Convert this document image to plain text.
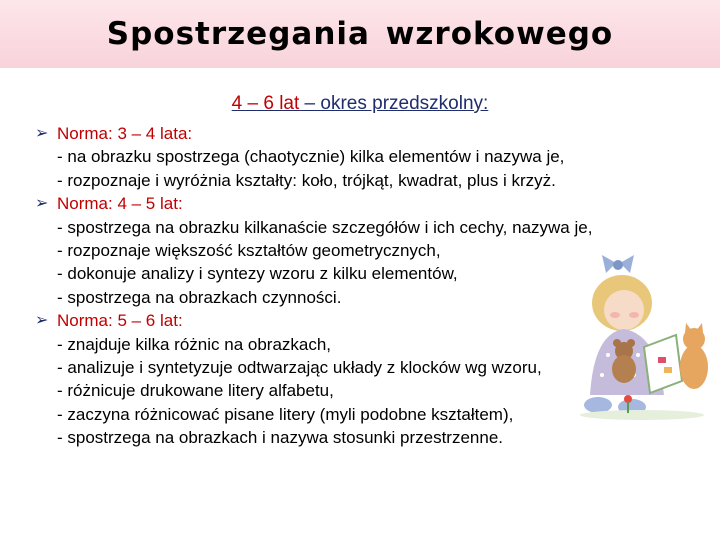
Spostrzegania wzrokowego
4 – 6 lat – okres przedszkolny:
➢ Norma: 3 – 4 lata:
- na obrazku spostrzega (chaotycznie) kilka elementów i nazywa je,
- rozpoznaje i wyróżnia kształty: koło, trójkąt, kwadrat, plus i krzyż.
➢ Norma: 4 – 5 lat:
- spostrzega na obrazku kilkanaście szczegółów i ich cechy, nazywa je,
- rozpoznaje większość kształtów geometrycznych,
- dokonuje analizy i syntezy wzoru z kilku elementów,
- spostrzega na obrazkach czynności.
➢ Norma: 5 – 6 lat:
- znajduje kilka różnic na obrazkach,
- analizuje i syntetyzuje odtwarzając układy z klocków wg wzoru,
- różnicuje drukowane litery alfabetu,
- zaczyna różnicować pisane litery (myli podobne kształtem),
- spostrzega na obrazkach i nazywa stosunki przestrzenne.
